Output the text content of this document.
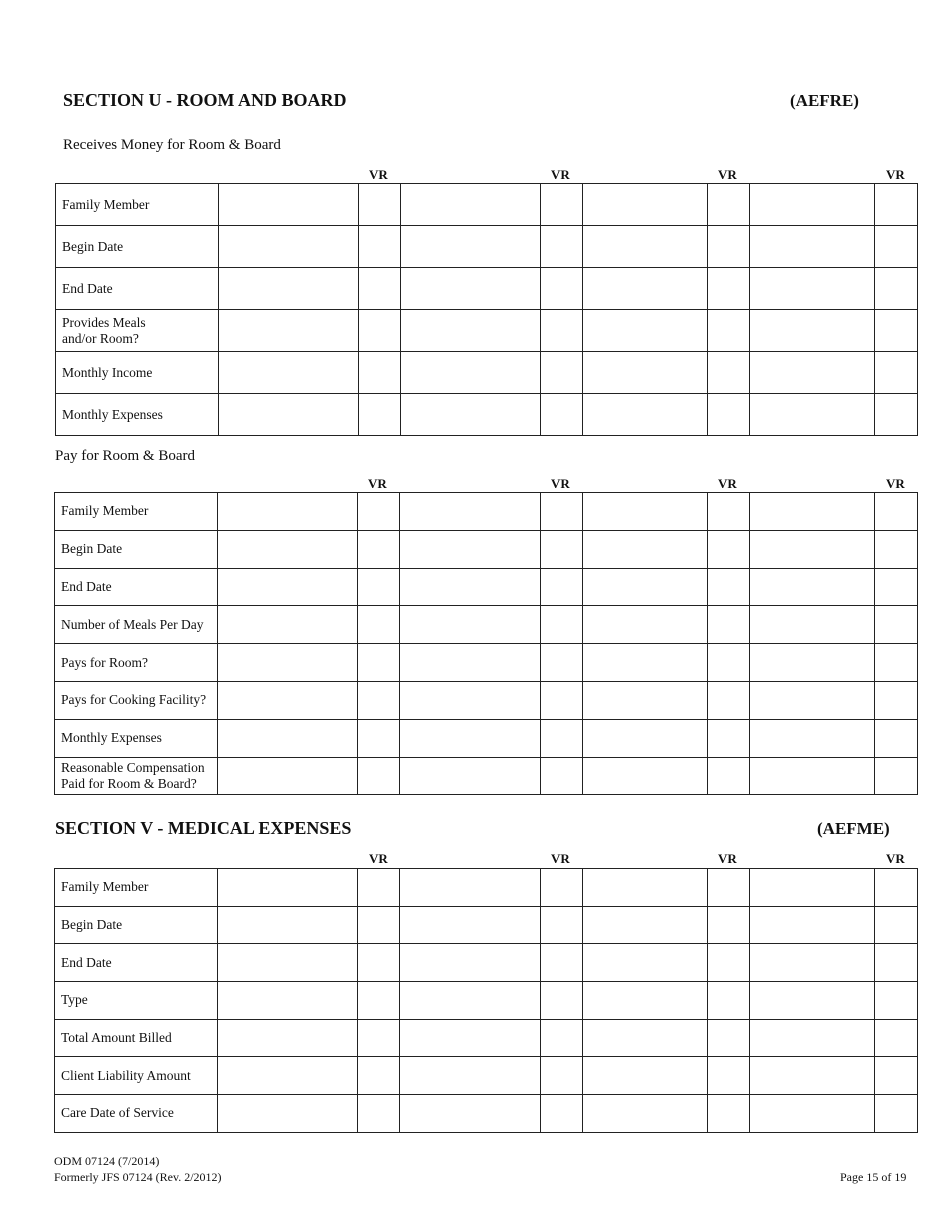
SECTION U - ROOM AND BOARD	(AEFRE)
Receives Money for Room & Board
VR	VR	VR	VR
Family Member								
Begin Date								
End Date								
Provides Meals
and/or Room?								
Monthly Income								
Monthly Expenses								
Pay for Room & Board
VR	VR	VR	VR
Family Member								
Begin Date								
End Date								
Number of Meals Per Day								
Pays for Room?								
Pays for Cooking Facility?								
Monthly Expenses								
Reasonable Compensation
Paid for Room & Board?								
SECTION V - MEDICAL EXPENSES	(AEFME)
VR	VR	VR	VR
Family Member								
Begin Date								
End Date								
Type								
Total Amount Billed								
Client Liability Amount								
Care Date of Service								
ODM 07124 (7/2014)
Formerly JFS 07124 (Rev. 2/2012)	Page 15 of 19
